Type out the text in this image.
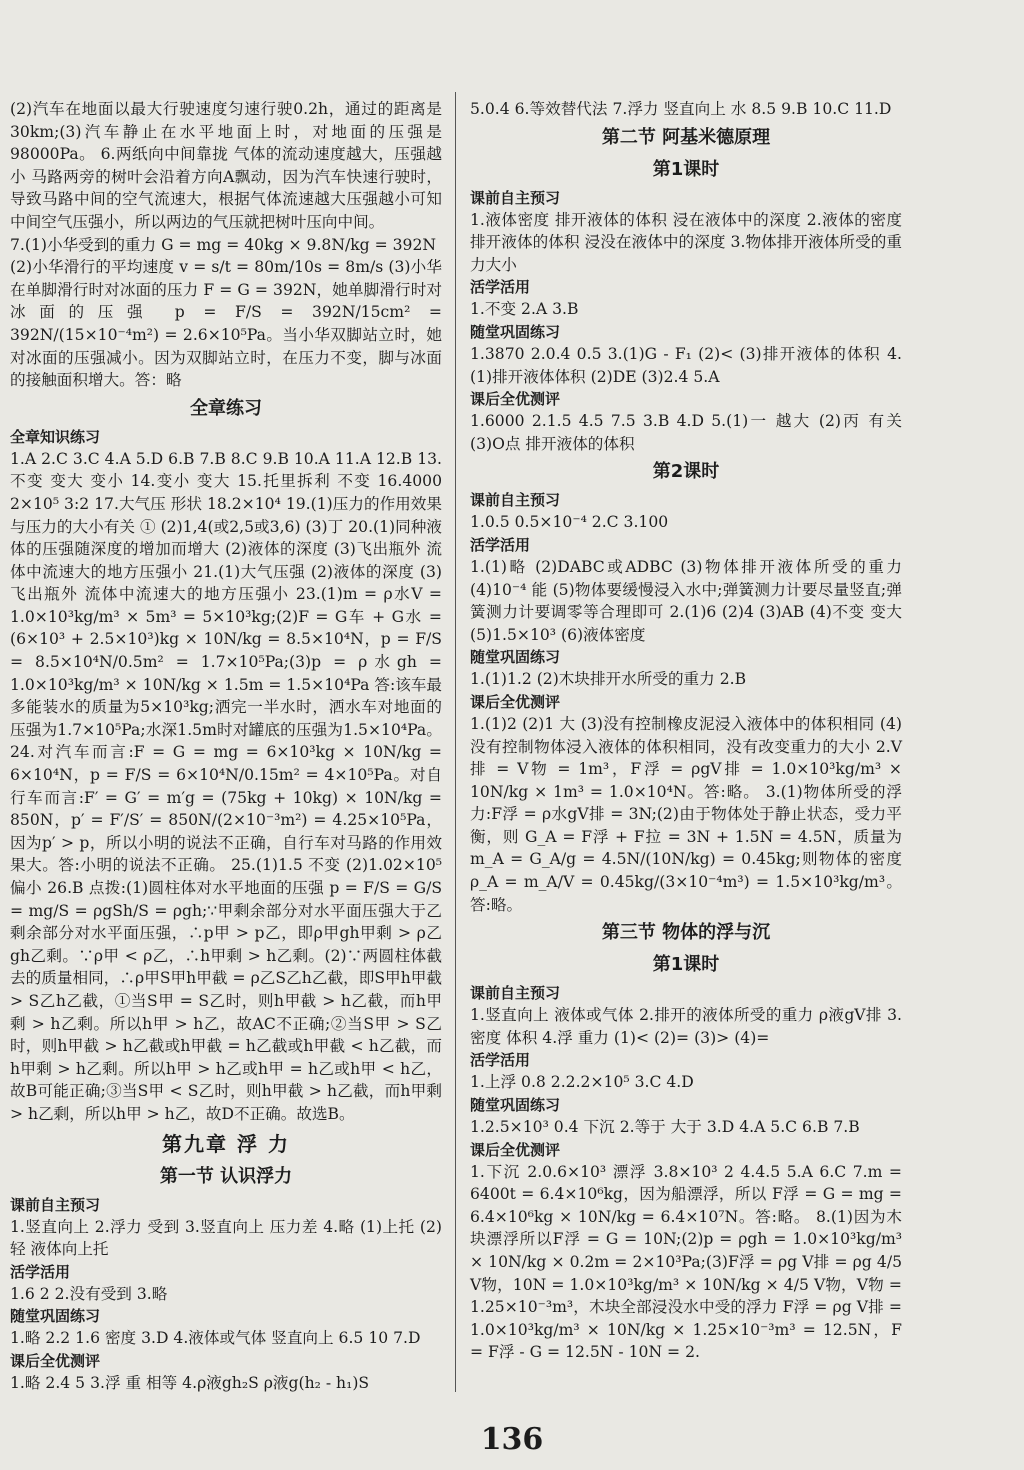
(2)汽车在地面以最大行驶速度匀速行驶0.2h，通过的距离是30km;(3)汽车静止在水平地面上时，对地面的压强是98000Pa。 6.两纸向中间靠拢 气体的流动速度越大，压强越小 马路两旁的树叶会沿着方向A飘动，因为汽车快速行驶时，导致马路中间的空气流速大，根据气体流速越大压强越小可知中间空气压强小，所以两边的气压就把树叶压向中间。

7.(1)小华受到的重力 G = mg = 40kg × 9.8N/kg = 392N

(2)小华滑行的平均速度 v = s/t = 80m/10s = 8m/s (3)小华在单脚滑行时对冰面的压力 F = G = 392N，她单脚滑行时对冰面的压强 p = F/S = 392N/15cm² = 392N/(15×10⁻⁴m²) = 2.6×10⁵Pa。当小华双脚站立时，她对冰面的压强减小。因为双脚站立时，在压力不变，脚与冰面的接触面积增大。答：略

全章练习
全章知识练习

1.A 2.C 3.C 4.A 5.D 6.B 7.B 8.C 9.B 10.A 11.A 12.B 13.不变 变大 变小 14.变小 变大 15.托里拆利 不变 16.4000 2×10⁵ 3:2 17.大气压 形状 18.2×10⁴ 19.(1)压力的作用效果与压力的大小有关 ① (2)1,4(或2,5或3,6) (3)丁 20.(1)同种液体的压强随深度的增加而增大 (2)液体的深度 (3)飞出瓶外 流体中流速大的地方压强小 21.(1)大气压强 (2)液体的深度 (3)飞出瓶外 流体中流速大的地方压强小 23.(1)m = ρ水V = 1.0×10³kg/m³ × 5m³ = 5×10³kg;(2)F = G车 + G水 = (6×10³ + 2.5×10³)kg × 10N/kg = 8.5×10⁴N，p = F/S = 8.5×10⁴N/0.5m² = 1.7×10⁵Pa;(3)p = ρ水gh = 1.0×10³kg/m³ × 10N/kg × 1.5m = 1.5×10⁴Pa 答:该车最多能装水的质量为5×10³kg;洒完一半水时，洒水车对地面的压强为1.7×10⁵Pa;水深1.5m时对罐底的压强为1.5×10⁴Pa。 24.对汽车而言:F = G = mg = 6×10³kg × 10N/kg = 6×10⁴N，p = F/S = 6×10⁴N/0.15m² = 4×10⁵Pa。对自行车而言:F′ = G′ = m′g = (75kg + 10kg) × 10N/kg = 850N，p′ = F′/S′ = 850N/(2×10⁻³m²) = 4.25×10⁵Pa，因为p′ > p，所以小明的说法不正确，自行车对马路的作用效果大。答:小明的说法不正确。 25.(1)1.5 不变 (2)1.02×10⁵ 偏小 26.B 点拨:(1)圆柱体对水平地面的压强 p = F/S = G/S = mg/S = ρgSh/S = ρgh;∵甲剩余部分对水平面压强大于乙剩余部分对水平面压强，∴p甲 > p乙，即ρ甲gh甲剩 > ρ乙gh乙剩。∵ρ甲 < ρ乙，∴h甲剩 > h乙剩。(2)∵两圆柱体截去的质量相同，∴ρ甲S甲h甲截 = ρ乙S乙h乙截，即S甲h甲截 > S乙h乙截，①当S甲 = S乙时，则h甲截 > h乙截，而h甲剩 > h乙剩。所以h甲 > h乙，故AC不正确;②当S甲 > S乙时，则h甲截 > h乙截或h甲截 = h乙截或h甲截 < h乙截，而h甲剩 > h乙剩。所以h甲 > h乙或h甲 = h乙或h甲 < h乙，故B可能正确;③当S甲 < S乙时，则h甲截 > h乙截，而h甲剩 > h乙剩，所以h甲 > h乙，故D不正确。故选B。

第九章 浮 力
第一节 认识浮力
课前自主预习

1.竖直向上 2.浮力 受到 3.竖直向上 压力差 4.略 (1)上托 (2)轻 液体向上托

活学活用

1.6 2 2.没有受到 3.略

随堂巩固练习

1.略 2.2 1.6 密度 3.D 4.液体或气体 竖直向上 6.5 10 7.D

课后全优测评

1.略 2.4 5 3.浮 重 相等 4.ρ液gh₂S ρ液g(h₂ - h₁)S

5.0.4 6.等效替代法 7.浮力 竖直向上 水 8.5 9.B 10.C 11.D

第二节 阿基米德原理
第1课时
课前自主预习

1.液体密度 排开液体的体积 浸在液体中的深度 2.液体的密度 排开液体的体积 浸没在液体中的深度 3.物体排开液体所受的重力大小

活学活用

1.不变 2.A 3.B

随堂巩固练习

1.3870 2.0.4 0.5 3.(1)G - F₁ (2)< (3)排开液体的体积 4.(1)排开液体体积 (2)DE (3)2.4 5.A

课后全优测评

1.6000 2.1.5 4.5 7.5 3.B 4.D 5.(1)一 越大 (2)丙 有关 (3)O点 排开液体的体积

第2课时
课前自主预习

1.0.5 0.5×10⁻⁴ 2.C 3.100

活学活用

1.(1)略 (2)DABC或ADBC (3)物体排开液体所受的重力 (4)10⁻⁴ 能 (5)物体要缓慢浸入水中;弹簧测力计要尽量竖直;弹簧测力计要调零等合理即可 2.(1)6 (2)4 (3)AB (4)不变 变大 (5)1.5×10³ (6)液体密度

随堂巩固练习

1.(1)1.2 (2)木块排开水所受的重力 2.B

课后全优测评

1.(1)2 (2)1 大 (3)没有控制橡皮泥浸入液体中的体积相同 (4)没有控制物体浸入液体的体积相同，没有改变重力的大小 2.V排 = V物 = 1m³，F浮 = ρgV排 = 1.0×10³kg/m³ × 10N/kg × 1m³ = 1.0×10⁴N。答:略。 3.(1)物体所受的浮力:F浮 = ρ水gV排 = 3N;(2)由于物体处于静止状态，受力平衡，则 G_A = F浮 + F拉 = 3N + 1.5N = 4.5N，质量为 m_A = G_A/g = 4.5N/(10N/kg) = 0.45kg;则物体的密度 ρ_A = m_A/V = 0.45kg/(3×10⁻⁴m³) = 1.5×10³kg/m³。答:略。

第三节 物体的浮与沉
第1课时
课前自主预习

1.竖直向上 液体或气体 2.排开的液体所受的重力 ρ液gV排 3.密度 体积 4.浮 重力 (1)< (2)= (3)> (4)=

活学活用

1.上浮 0.8 2.2.2×10⁵ 3.C 4.D

随堂巩固练习

1.2.5×10³ 0.4 下沉 2.等于 大于 3.D 4.A 5.C 6.B 7.B

课后全优测评

1.下沉 2.0.6×10³ 漂浮 3.8×10³ 2 4.4.5 5.A 6.C 7.m = 6400t = 6.4×10⁶kg，因为船漂浮，所以 F浮 = G = mg = 6.4×10⁶kg × 10N/kg = 6.4×10⁷N。答:略。 8.(1)因为木块漂浮所以F浮 = G = 10N;(2)p = ρgh = 1.0×10³kg/m³ × 10N/kg × 0.2m = 2×10³Pa;(3)F浮 = ρg V排 = ρg 4/5 V物，10N = 1.0×10³kg/m³ × 10N/kg × 4/5 V物，V物 = 1.25×10⁻³m³，木块全部浸没水中受的浮力 F浮 = ρg V排 = 1.0×10³kg/m³ × 10N/kg × 1.25×10⁻³m³ = 12.5N，F = F浮 - G = 12.5N - 10N = 2.

136
